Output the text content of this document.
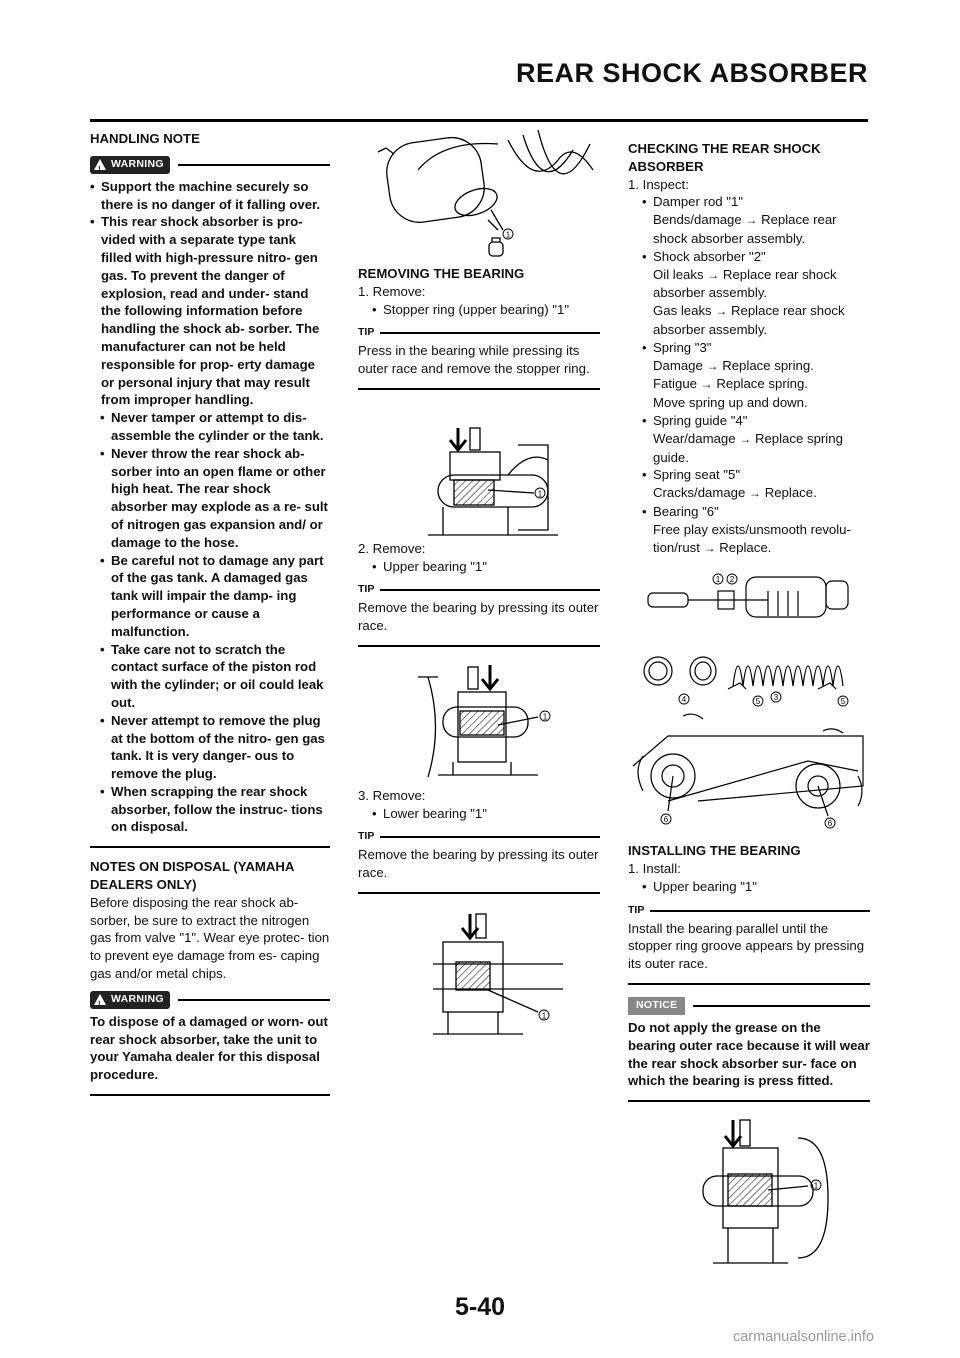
REAR SHOCK ABSORBER
HANDLING NOTE
! WARNING
• Support the machine securely so there is no danger of it falling over.
• This rear shock absorber is pro- vided with a separate type tank filled with high-pressure nitro- gen gas. To prevent the danger of explosion, read and under- stand the following information before handling the shock ab- sorber. The manufacturer can not be held responsible for prop- erty damage or personal injury that may result from improper handling.
• Never tamper or attempt to dis- assemble the cylinder or the tank.
• Never throw the rear shock ab- sorber into an open flame or other high heat. The rear shock absorber may explode as a re- sult of nitrogen gas expansion and/ or damage to the hose.
• Be careful not to damage any part of the gas tank. A damaged gas tank will impair the damp- ing performance or cause a malfunction.
• Take care not to scratch the contact surface of the piston rod with the cylinder; or oil could leak out.
• Never attempt to remove the plug at the bottom of the nitro- gen gas tank. It is very danger- ous to remove the plug.
• When scrapping the rear shock absorber, follow the instruc- tions on disposal.
NOTES ON DISPOSAL (YAMAHA DEALERS ONLY)
Before disposing the rear shock ab- sorber, be sure to extract the nitrogen gas from valve "1". Wear eye protec- tion to prevent eye damage from es- caping gas and/or metal chips.
! WARNING
To dispose of a damaged or worn- out rear shock absorber, take the unit to your Yamaha dealer for this disposal procedure.
1
REMOVING THE BEARING
1. Remove:
• Stopper ring (upper bearing) "1"
TIP
Press in the bearing while pressing its outer race and remove the stopper ring.
1
2. Remove:
• Upper bearing "1"
TIP
Remove the bearing by pressing its outer race.
1
3. Remove:
• Lower bearing "1"
TIP
Remove the bearing by pressing its outer race.
1
CHECKING THE REAR SHOCK ABSORBER
1. Inspect:
• Damper rod "1"
Bends/damage → Replace rear shock absorber assembly.
• Shock absorber "2"
Oil leaks → Replace rear shock absorber assembly.
Gas leaks → Replace rear shock absorber assembly.
• Spring "3"
Damage → Replace spring.
Fatigue → Replace spring.
Move spring up and down.
• Spring guide "4"
Wear/damage → Replace spring guide.
• Spring seat "5"
Cracks/damage → Replace.
• Bearing "6"
Free play exists/unsmooth revolu- tion/rust → Replace.
1 2
4	5 3	5
6	6
INSTALLING THE BEARING
1. Install:
• Upper bearing "1"
TIP
Install the bearing parallel until the stopper ring groove appears by pressing its outer race.
NOTICE
Do not apply the grease on the bearing outer race because it will wear the rear shock absorber sur- face on which the bearing is press fitted.
1
5-40
carmanualsonline.info
